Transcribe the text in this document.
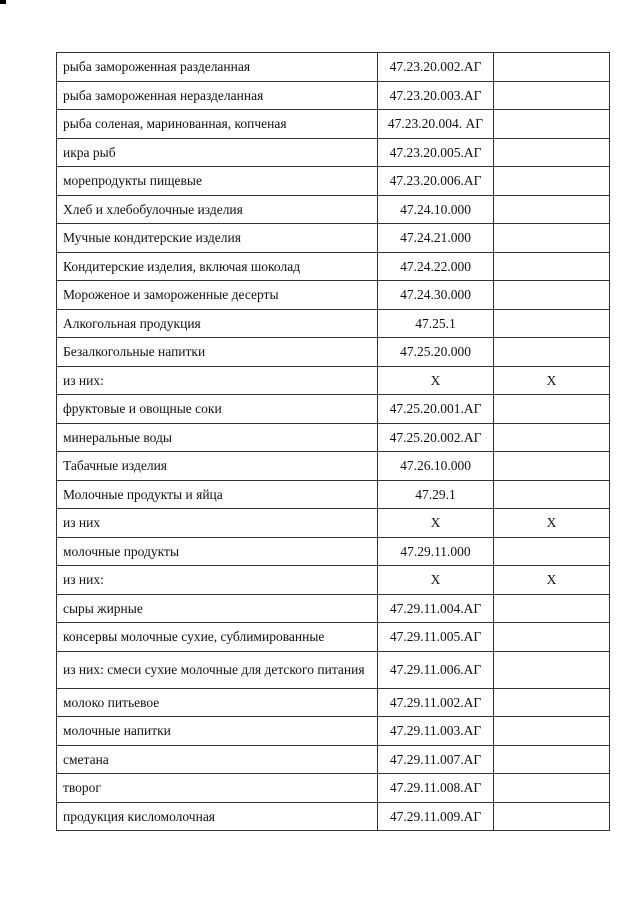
рыба замороженная разделанная	47.23.20.002.АГ	
рыба замороженная неразделанная	47.23.20.003.АГ	
рыба соленая, маринованная, копченая	47.23.20.004. АГ	
икра рыб	47.23.20.005.АГ	
морепродукты пищевые	47.23.20.006.АГ	
Хлеб и хлебобулочные изделия	47.24.10.000	
Мучные кондитерские изделия	47.24.21.000	
Кондитерские изделия, включая шоколад	47.24.22.000	
Мороженое и замороженные десерты	47.24.30.000	
Алкогольная продукция	47.25.1	
Безалкогольные напитки	47.25.20.000	
из них:	X	X
фруктовые и овощные соки	47.25.20.001.АГ	
минеральные воды	47.25.20.002.АГ	
Табачные изделия	47.26.10.000	
Молочные продукты и яйца	47.29.1	
из них	X	X
молочные продукты	47.29.11.000	
из них:	X	X
сыры жирные	47.29.11.004.АГ	
консервы молочные сухие, сублимированные	47.29.11.005.АГ	
из них: смеси сухие молочные для детского питания	47.29.11.006.АГ	
молоко питьевое	47.29.11.002.АГ	
молочные напитки	47.29.11.003.АГ	
сметана	47.29.11.007.АГ	
творог	47.29.11.008.АГ	
продукция кисломолочная	47.29.11.009.АГ	
